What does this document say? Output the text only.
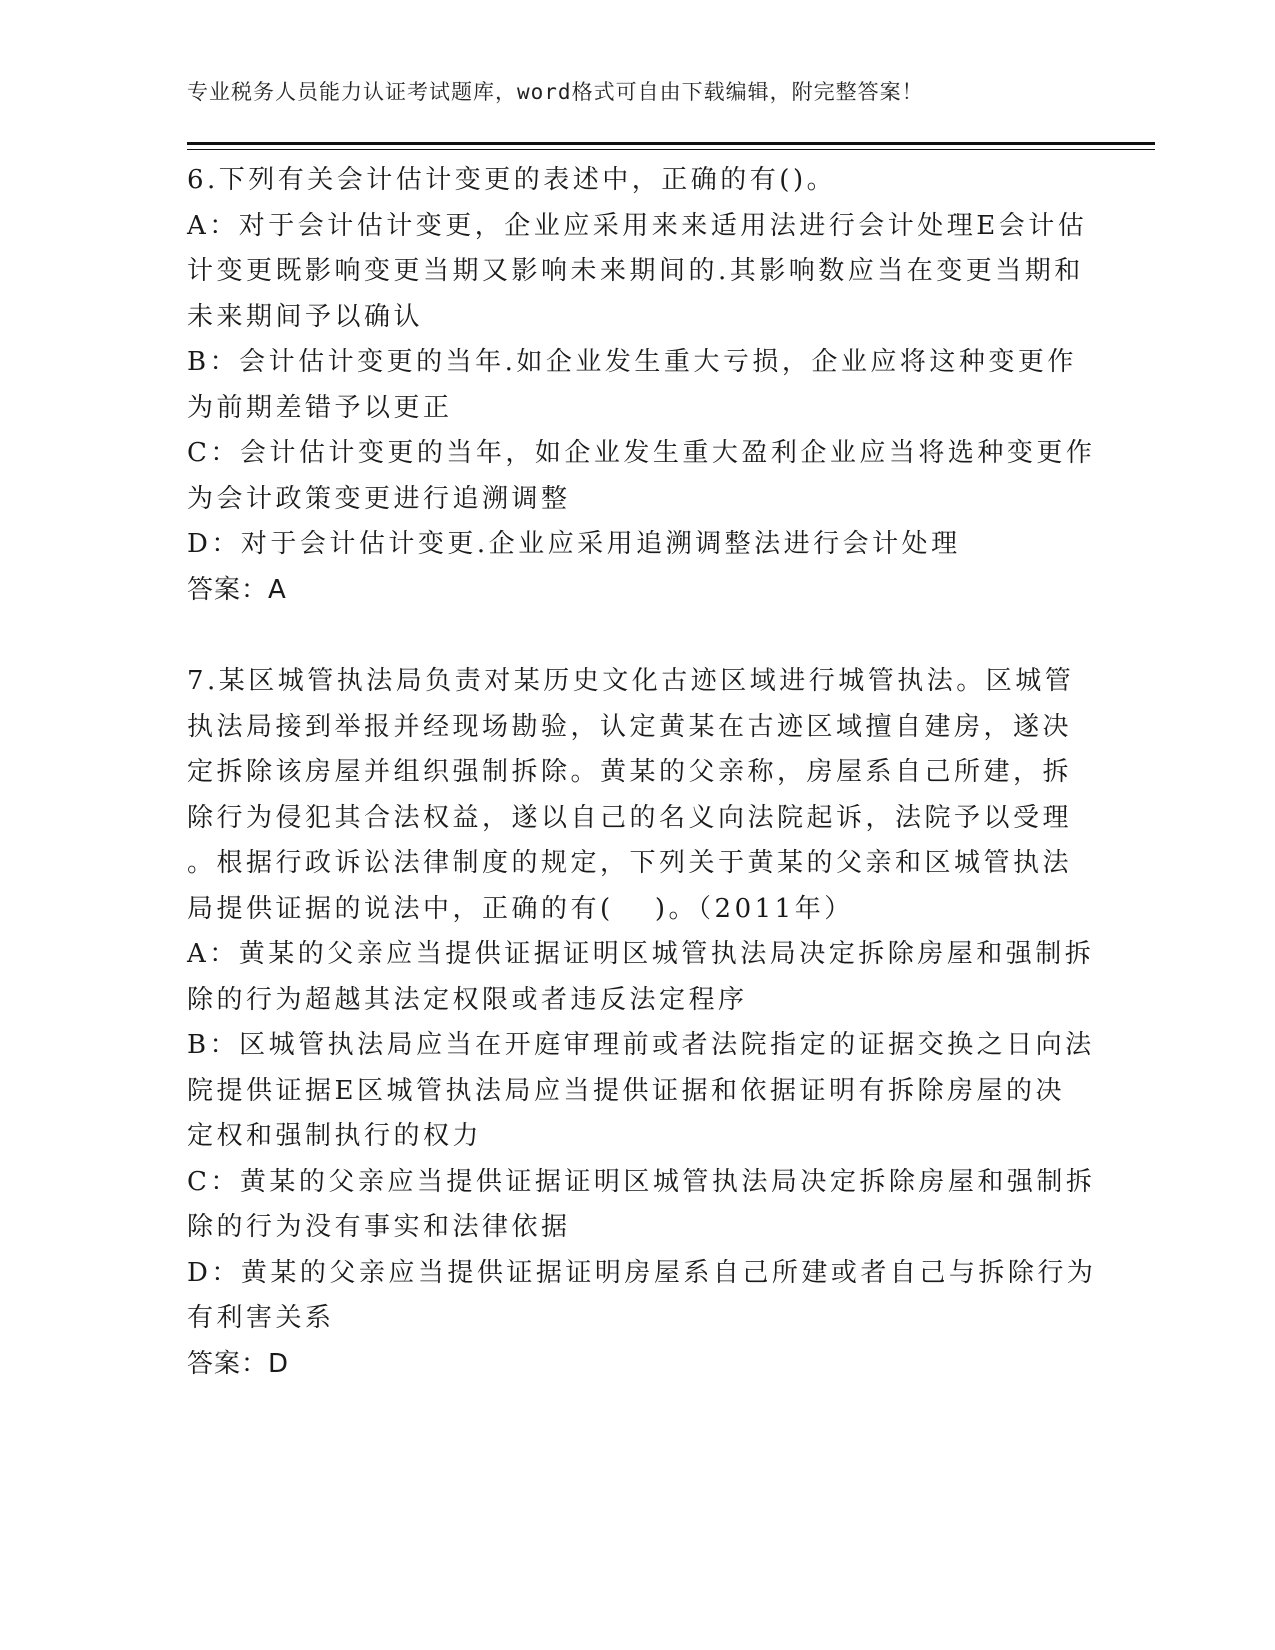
专业税务人员能力认证考试题库，word格式可自由下载编辑，附完整答案！
6.下列有关会计估计变更的表述中，正确的有()。
A：对于会计估计变更，企业应采用来来适用法进行会计处理E会计估
计变更既影响变更当期又影响未来期间的.其影响数应当在变更当期和
未来期间予以确认
B：会计估计变更的当年.如企业发生重大亏损，企业应将这种变更作
为前期差错予以更正
C：会计估计变更的当年，如企业发生重大盈利企业应当将选种变更作
为会计政策变更进行追溯调整
D：对于会计估计变更.企业应采用追溯调整法进行会计处理
答案：A
7.某区城管执法局负责对某历史文化古迹区域进行城管执法。区城管
执法局接到举报并经现场勘验，认定黄某在古迹区域擅自建房，遂决
定拆除该房屋并组织强制拆除。黄某的父亲称，房屋系自己所建，拆
除行为侵犯其合法权益，遂以自己的名义向法院起诉，法院予以受理
。根据行政诉讼法律制度的规定，下列关于黄某的父亲和区城管执法
局提供证据的说法中，正确的有(　 )。（2011年）
A：黄某的父亲应当提供证据证明区城管执法局决定拆除房屋和强制拆
除的行为超越其法定权限或者违反法定程序
B：区城管执法局应当在开庭审理前或者法院指定的证据交换之日向法
院提供证据E区城管执法局应当提供证据和依据证明有拆除房屋的决
定权和强制执行的权力
C：黄某的父亲应当提供证据证明区城管执法局决定拆除房屋和强制拆
除的行为没有事实和法律依据
D：黄某的父亲应当提供证据证明房屋系自己所建或者自己与拆除行为
有利害关系
答案：D
